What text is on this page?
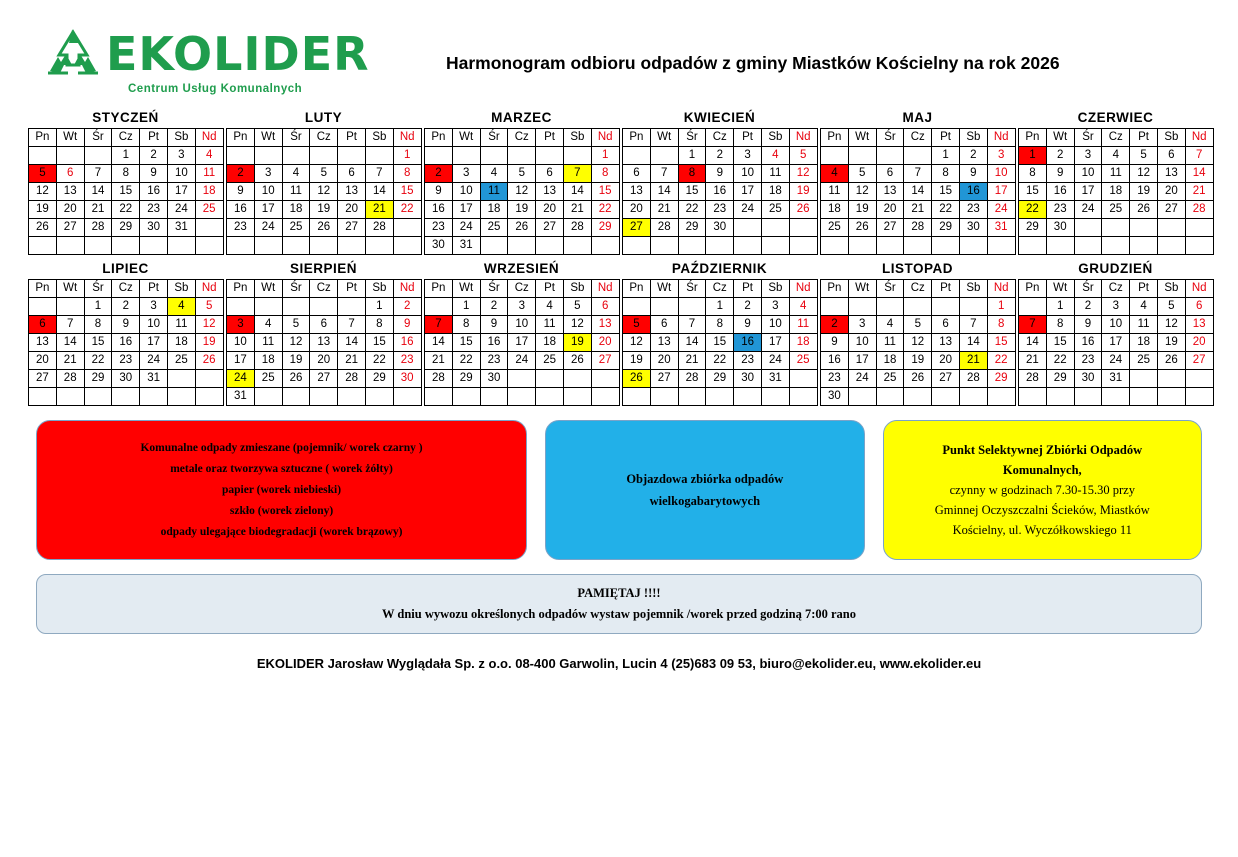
EKOLIDER
Centrum Usług Komunalnych
Harmonogram odbioru odpadów z gminy Miastków Kościelny na rok 2026
STYCZEŃ
Pn	Wt	Śr	Cz	Pt	Sb	Nd
			1	2	3	4
5	6	7	8	9	10	11
12	13	14	15	16	17	18
19	20	21	22	23	24	25
26	27	28	29	30	31	

LUTY
Pn	Wt	Śr	Cz	Pt	Sb	Nd
						1
2	3	4	5	6	7	8
9	10	11	12	13	14	15
16	17	18	19	20	21	22
23	24	25	26	27	28	

MARZEC
Pn	Wt	Śr	Cz	Pt	Sb	Nd
						1
2	3	4	5	6	7	8
9	10	11	12	13	14	15
16	17	18	19	20	21	22
23	24	25	26	27	28	29
30	31					
KWIECIEŃ
Pn	Wt	Śr	Cz	Pt	Sb	Nd
		1	2	3	4	5
6	7	8	9	10	11	12
13	14	15	16	17	18	19
20	21	22	23	24	25	26
27	28	29	30			

MAJ
Pn	Wt	Śr	Cz	Pt	Sb	Nd
				1	2	3
4	5	6	7	8	9	10
11	12	13	14	15	16	17
18	19	20	21	22	23	24
25	26	27	28	29	30	31

CZERWIEC
Pn	Wt	Śr	Cz	Pt	Sb	Nd
1	2	3	4	5	6	7
8	9	10	11	12	13	14
15	16	17	18	19	20	21
22	23	24	25	26	27	28
29	30					

LIPIEC
Pn	Wt	Śr	Cz	Pt	Sb	Nd
		1	2	3	4	5
6	7	8	9	10	11	12
13	14	15	16	17	18	19
20	21	22	23	24	25	26
27	28	29	30	31		

SIERPIEŃ
Pn	Wt	Śr	Cz	Pt	Sb	Nd
					1	2
3	4	5	6	7	8	9
10	11	12	13	14	15	16
17	18	19	20	21	22	23
24	25	26	27	28	29	30
31						
WRZESIEŃ
Pn	Wt	Śr	Cz	Pt	Sb	Nd
	1	2	3	4	5	6
7	8	9	10	11	12	13
14	15	16	17	18	19	20
21	22	23	24	25	26	27
28	29	30				

PAŹDZIERNIK
Pn	Wt	Śr	Cz	Pt	Sb	Nd
			1	2	3	4
5	6	7	8	9	10	11
12	13	14	15	16	17	18
19	20	21	22	23	24	25
26	27	28	29	30	31	

LISTOPAD
Pn	Wt	Śr	Cz	Pt	Sb	Nd
						1
2	3	4	5	6	7	8
9	10	11	12	13	14	15
16	17	18	19	20	21	22
23	24	25	26	27	28	29
30						
GRUDZIEŃ
Pn	Wt	Śr	Cz	Pt	Sb	Nd
	1	2	3	4	5	6
7	8	9	10	11	12	13
14	15	16	17	18	19	20
21	22	23	24	25	26	27
28	29	30	31			

Komunalne odpady zmieszane (pojemnik/ worek czarny )
metale oraz tworzywa sztuczne ( worek żółty)
papier (worek niebieski)
szkło (worek zielony)
odpady ulegające biodegradacji (worek brązowy)
Objazdowa zbiórka odpadów
wielkogabarytowych
Punkt Selektywnej Zbiórki Odpadów
Komunalnych,
czynny w godzinach 7.30-15.30 przy
Gminnej Oczyszczalni Ścieków, Miastków
Kościelny, ul. Wyczółkowskiego 11
PAMIĘTAJ !!!!
W dniu wywozu określonych odpadów wystaw pojemnik /worek przed godziną 7:00 rano
EKOLIDER Jarosław Wyglądała Sp. z o.o. 08-400 Garwolin, Lucin 4 (25)683 09 53, biuro@ekolider.eu, www.ekolider.eu
